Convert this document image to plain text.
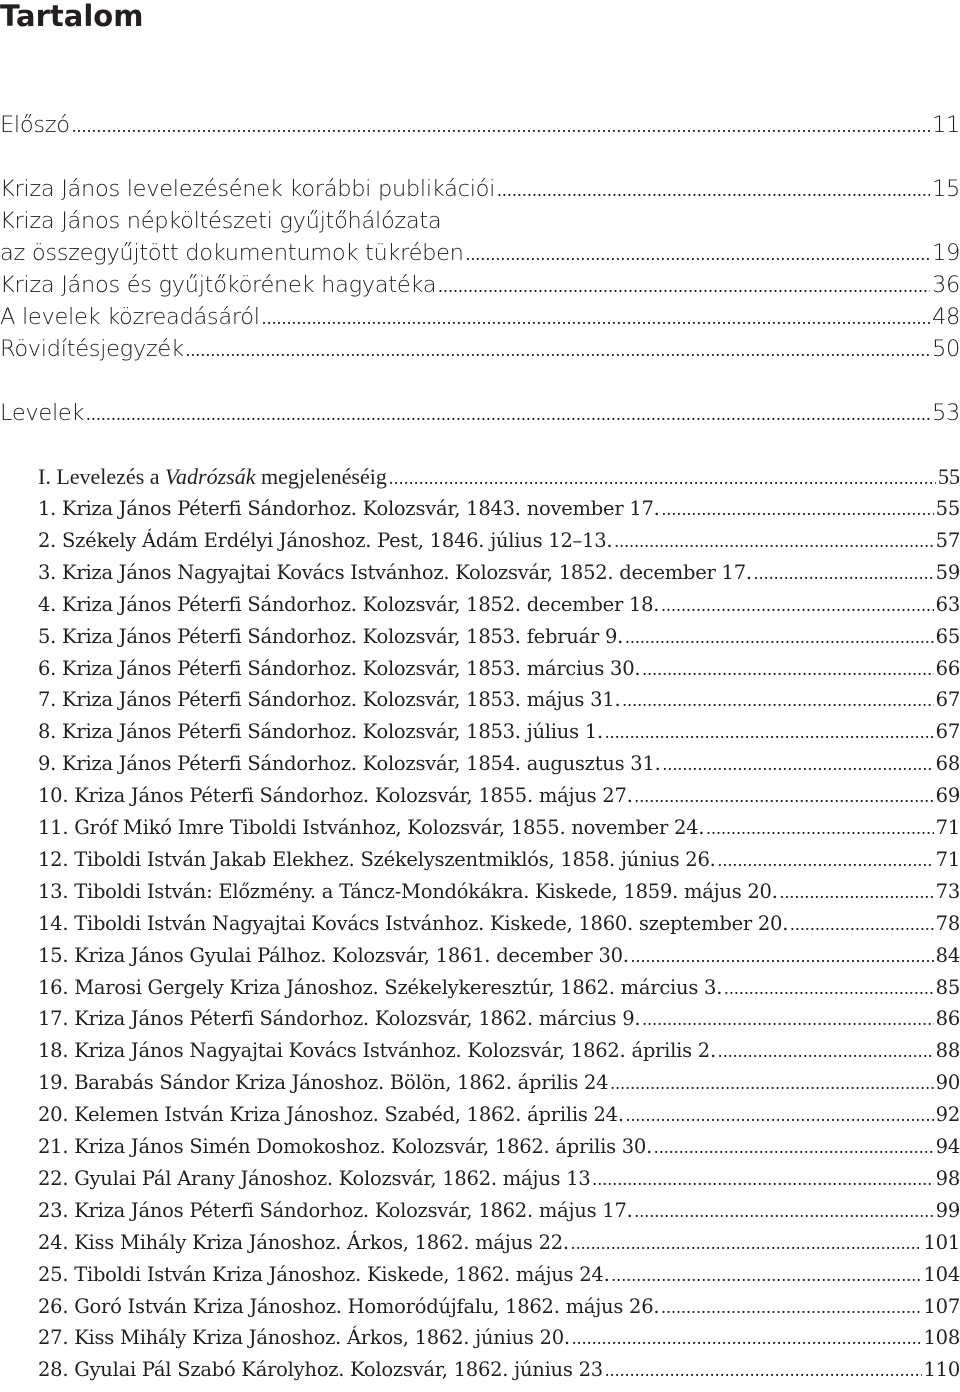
Tartalom
Előszó .....	11
Kriza János levelezésének korábbi publikációi .....	15
Kriza János népköltészeti gyűjtőhálózata
az összegyűjtött dokumentumok tükrében .....	19
Kriza János és gyűjtőkörének hagyatéka .....	36
A levelek közreadásáról .....	48
Rövidítésjegyzék .....	50
Levelek .....	53
I. Levelezés a Vadrózsák megjelenéséig .....	55
1. Kriza János Péterfi Sándorhoz. Kolozsvár, 1843. november 17. .....	55
2. Székely Ádám Erdélyi Jánoshoz. Pest, 1846. július 12–13. .....	57
3. Kriza János Nagyajtai Kovács Istvánhoz. Kolozsvár, 1852. december 17. .....	59
4. Kriza János Péterfi Sándorhoz. Kolozsvár, 1852. december 18. .....	63
5. Kriza János Péterfi Sándorhoz. Kolozsvár, 1853. február 9. .....	65
6. Kriza János Péterfi Sándorhoz. Kolozsvár, 1853. március 30. .....	66
7. Kriza János Péterfi Sándorhoz. Kolozsvár, 1853. május 31. .....	67
8. Kriza János Péterfi Sándorhoz. Kolozsvár, 1853. július 1. .....	67
9. Kriza János Péterfi Sándorhoz. Kolozsvár, 1854. augusztus 31. .....	68
10. Kriza János Péterfi Sándorhoz. Kolozsvár, 1855. május 27. .....	69
11. Gróf Mikó Imre Tiboldi Istvánhoz, Kolozsvár, 1855. november 24. .....	71
12. Tiboldi István Jakab Elekhez. Székelyszentmiklós, 1858. június 26. .....	71
13. Tiboldi István: Előzmény. a Táncz-Mondókákra. Kiskede, 1859. május 20. .....	73
14. Tiboldi István Nagyajtai Kovács Istvánhoz. Kiskede, 1860. szeptember 20. .....	78
15. Kriza János Gyulai Pálhoz. Kolozsvár, 1861. december 30. .....	84
16. Marosi Gergely Kriza Jánoshoz. Székelykeresztúr, 1862. március 3. .....	85
17. Kriza János Péterfi Sándorhoz. Kolozsvár, 1862. március 9. .....	86
18. Kriza János Nagyajtai Kovács Istvánhoz. Kolozsvár, 1862. április 2. .....	88
19. Barabás Sándor Kriza Jánoshoz. Bölön, 1862. április 24 .....	90
20. Kelemen István Kriza Jánoshoz. Szabéd, 1862. április 24. .....	92
21. Kriza János Simén Domokoshoz. Kolozsvár, 1862. április 30. .....	94
22. Gyulai Pál Arany Jánoshoz. Kolozsvár, 1862. május 13 .....	98
23. Kriza János Péterfi Sándorhoz. Kolozsvár, 1862. május 17. .....	99
24. Kiss Mihály Kriza Jánoshoz. Árkos, 1862. május 22. .....	101
25. Tiboldi István Kriza Jánoshoz. Kiskede, 1862. május 24. .....	104
26. Goró István Kriza Jánoshoz. Homoródújfalu, 1862. május 26. .....	107
27. Kiss Mihály Kriza Jánoshoz. Árkos, 1862. június 20. .....	108
28. Gyulai Pál Szabó Károlyhoz. Kolozsvár, 1862. június 23 .....	110
